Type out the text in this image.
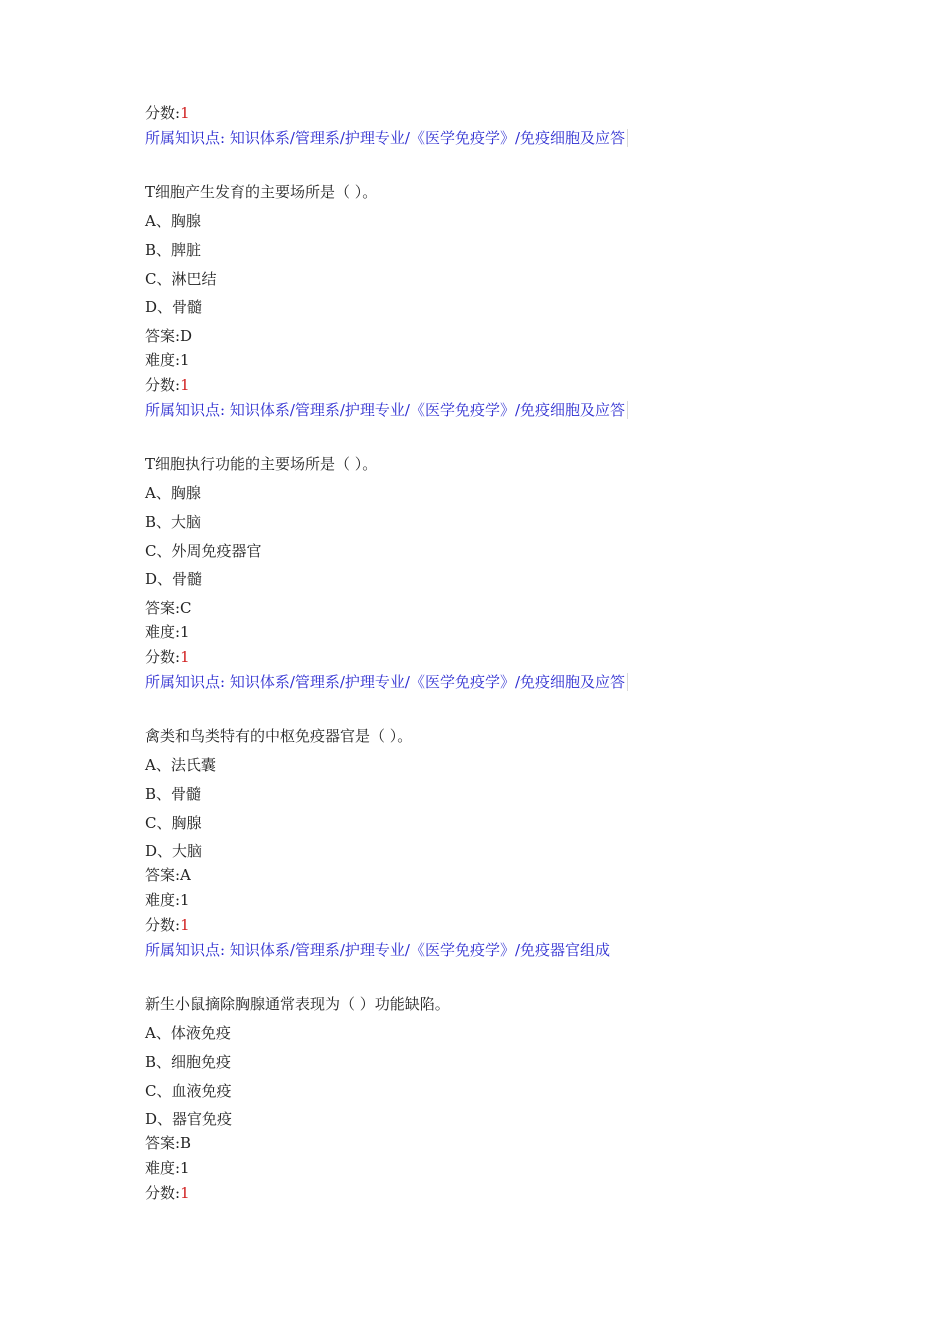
分数:1
所属知识点: 知识体系/管理系/护理专业/《医学免疫学》/免疫细胞及应答
T细胞产生发育的主要场所是（ ）。
A、胸腺
B、脾脏
C、淋巴结
D、骨髓
答案:D
难度:1
分数:1
所属知识点: 知识体系/管理系/护理专业/《医学免疫学》/免疫细胞及应答
T细胞执行功能的主要场所是（ ）。
A、胸腺
B、大脑
C、外周免疫器官
D、骨髓
答案:C
难度:1
分数:1
所属知识点: 知识体系/管理系/护理专业/《医学免疫学》/免疫细胞及应答
禽类和鸟类特有的中枢免疫器官是（ ）。
A、法氏囊
B、骨髓
C、胸腺
D、大脑
答案:A
难度:1
分数:1
所属知识点: 知识体系/管理系/护理专业/《医学免疫学》/免疫器官组成
新生小鼠摘除胸腺通常表现为（ ）功能缺陷。
A、体液免疫
B、细胞免疫
C、血液免疫
D、器官免疫
答案:B
难度:1
分数:1
